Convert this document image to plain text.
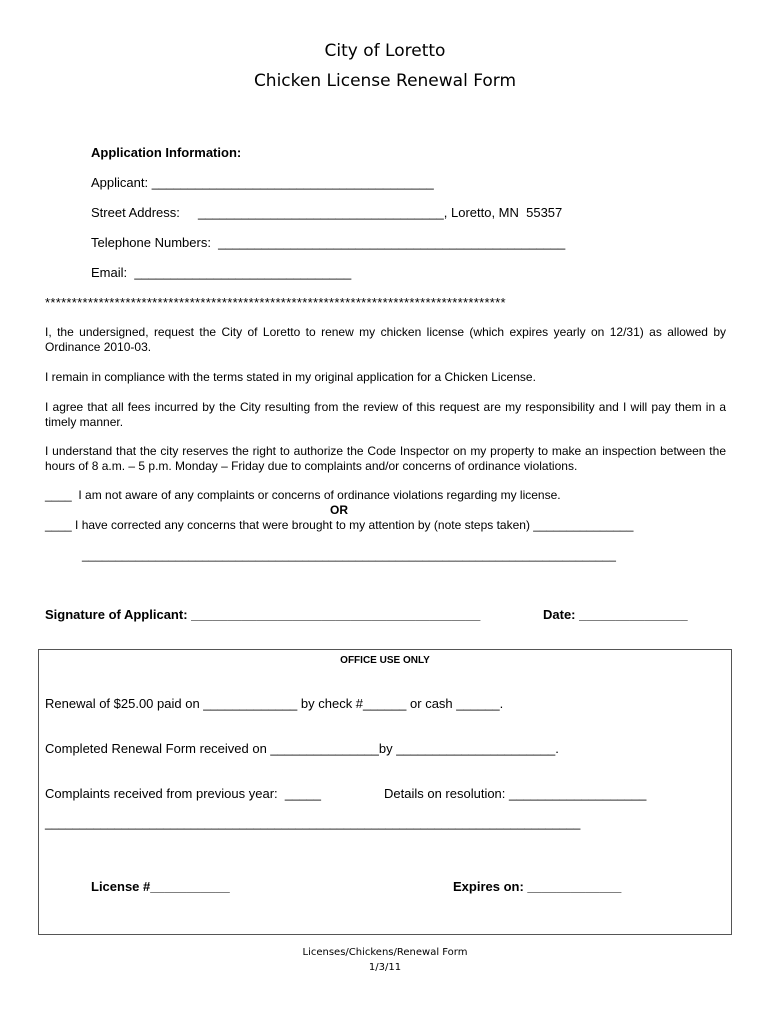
City of Loretto
Chicken License Renewal Form
Application Information:
Applicant: _______________________________________
Street Address:     __________________________________, Loretto, MN  55357
Telephone Numbers:  ________________________________________________
Email:  ______________________________
**************************************************************************************
I, the undersigned, request the City of Loretto to renew my chicken license (which expires yearly on 12/31) as allowed by Ordinance 2010-03.
I remain in compliance with the terms stated in my original application for a Chicken License.
I agree that all fees incurred by the City resulting from the review of this request are my responsibility and I will pay them in a timely manner.
I understand that the city reserves the right to authorize the Code Inspector on my property to make an inspection between the hours of 8 a.m. – 5 p.m. Monday – Friday due to complaints and/or concerns of ordinance violations.
____  I am not aware of any complaints or concerns of ordinance violations regarding my license.
OR
____ I have corrected any concerns that were brought to my attention by (note steps taken) _______________
________________________________________________________________________________
Signature of Applicant: ________________________________________	Date: _______________
OFFICE USE ONLY
Renewal of $25.00 paid on _____________ by check #______ or cash ______.
Completed Renewal Form received on _______________by ______________________.
Complaints received from previous year:  _____	Details on resolution: ___________________
_____________________________________________________________________________
License #___________	Expires on: _____________
Licenses/Chickens/Renewal Form
1/3/11
